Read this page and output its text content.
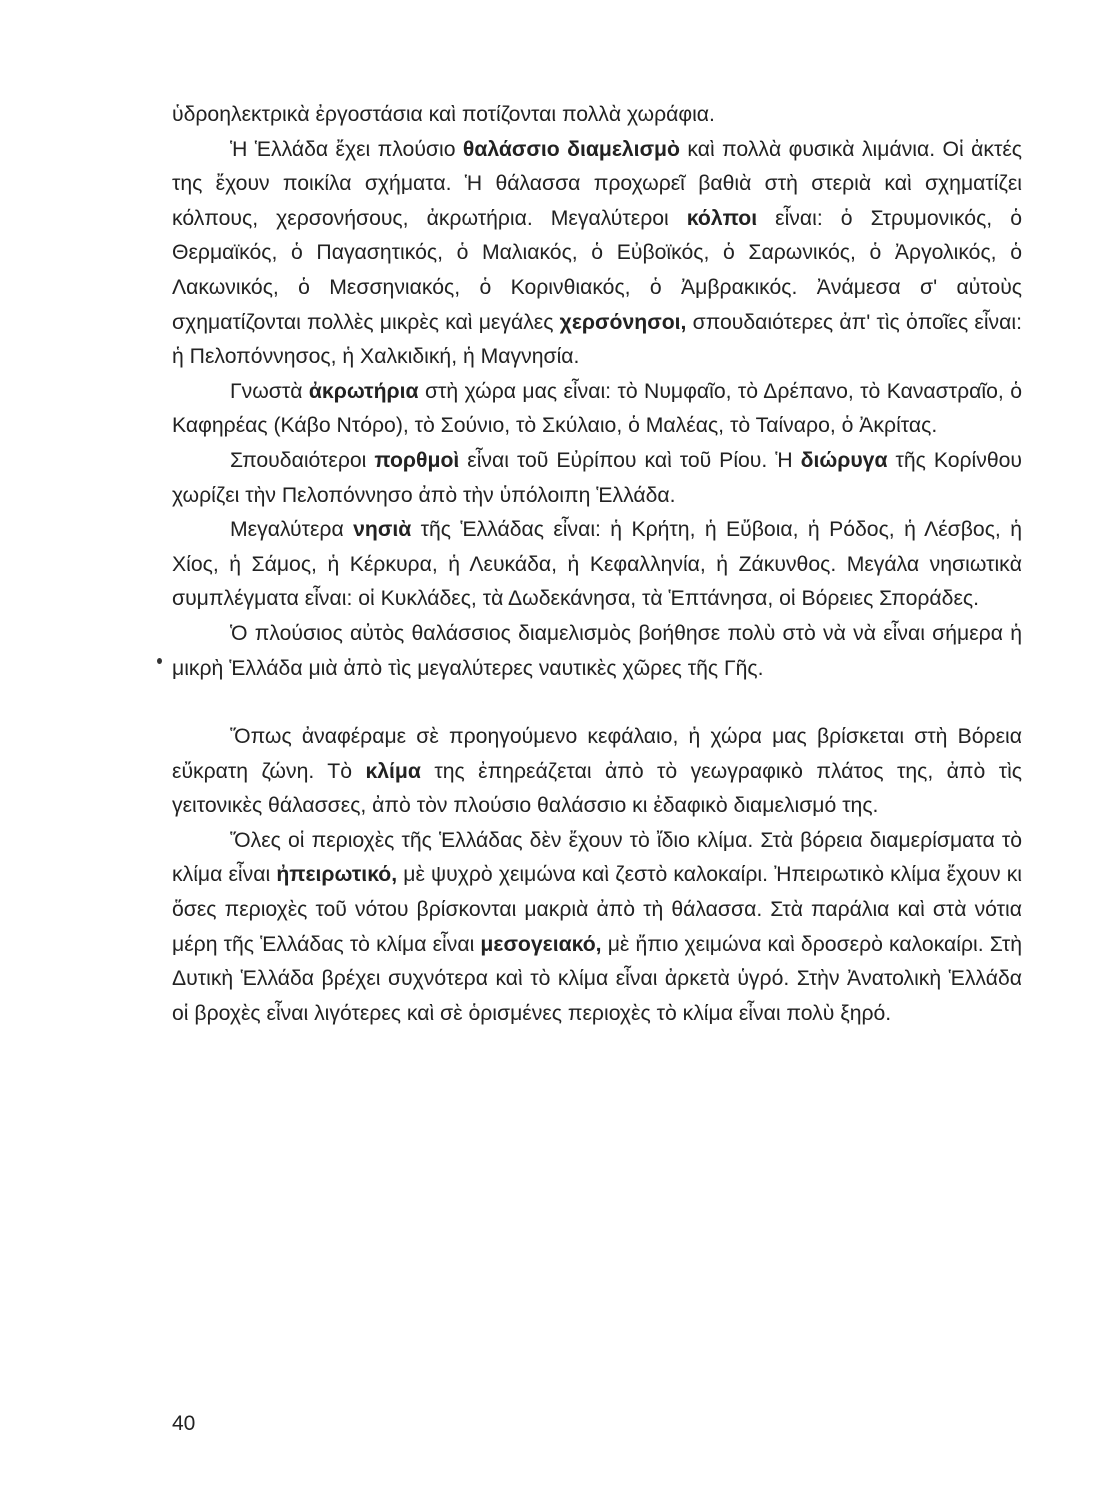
ὑδροηλεκτρικὰ ἐργοστάσια καὶ ποτίζονται πολλὰ χωράφια.

Ἡ Ἑλλάδα ἔχει πλούσιο θαλάσσιο διαμελισμὸ καὶ πολλὰ φυσικὰ λιμάνια. Οἱ ἀκτές της ἔχουν ποικίλα σχήματα. Ἡ θάλασσα προχωρεῖ βαθιὰ στὴ στεριὰ καὶ σχηματίζει κόλπους, χερσονήσους, ἀκρωτήρια. Μεγαλύτεροι κόλποι εἶναι: ὁ Στρυμονικός, ὁ Θερμαϊκός, ὁ Παγασητικός, ὁ Μαλιακός, ὁ Εὐβοϊκός, ὁ Σαρωνικός, ὁ Ἀργολικός, ὁ Λακωνικός, ὁ Μεσσηνιακός, ὁ Κορινθιακός, ὁ Ἀμβρακικός. Ἀνάμεσα σ' αὐτοὺς σχηματίζονται πολλὲς μικρὲς καὶ μεγάλες χερσόνησοι, σπουδαιότερες ἀπ' τὶς ὁποῖες εἶναι: ἡ Πελοπόννησος, ἡ Χαλκιδική, ἡ Μαγνησία.

Γνωστὰ ἀκρωτήρια στὴ χώρα μας εἶναι: τὸ Νυμφαῖο, τὸ Δρέπανο, τὸ Καναστραῖο, ὁ Καφηρέας (Κάβο Ντόρο), τὸ Σούνιο, τὸ Σκύλαιο, ὁ Μαλέας, τὸ Ταίναρο, ὁ Ἀκρίτας.

Σπουδαιότεροι πορθμοὶ εἶναι τοῦ Εὐρίπου καὶ τοῦ Ρίου. Ἡ διώρυγα τῆς Κορίνθου χωρίζει τὴν Πελοπόννησο ἀπὸ τὴν ὑπόλοιπη Ἑλλάδα.

Μεγαλύτερα νησιὰ τῆς Ἑλλάδας εἶναι: ἡ Κρήτη, ἡ Εὔβοια, ἡ Ρόδος, ἡ Λέσβος, ἡ Χίος, ἡ Σάμος, ἡ Κέρκυρα, ἡ Λευκάδα, ἡ Κεφαλληνία, ἡ Ζάκυνθος. Μεγάλα νησιωτικὰ συμπλέγματα εἶναι: οἱ Κυκλάδες, τὰ Δωδεκάνησα, τὰ Ἑπτάνησα, οἱ Βόρειες Σποράδες.

Ὁ πλούσιος αὐτὸς θαλάσσιος διαμελισμὸς βοήθησε πολὺ στὸ νὰ νὰ εἶναι σήμερα ἡ μικρὴ Ἑλλάδα μιὰ ἀπὸ τὶς μεγαλύτερες ναυτικὲς χῶρες τῆς Γῆς.

Ὅπως ἀναφέραμε σὲ προηγούμενο κεφάλαιο, ἡ χώρα μας βρίσκεται στὴ Βόρεια εὔκρατη ζώνη. Τὸ κλίμα της ἐπηρεάζεται ἀπὸ τὸ γεωγραφικὸ πλάτος της, ἀπὸ τὶς γειτονικὲς θάλασσες, ἀπὸ τὸν πλούσιο θαλάσσιο κι ἐδαφικὸ διαμελισμό της.

Ὅλες οἱ περιοχὲς τῆς Ἑλλάδας δὲν ἔχουν τὸ ἴδιο κλίμα. Στὰ βόρεια διαμερίσματα τὸ κλίμα εἶναι ἠπειρωτικό, μὲ ψυχρὸ χειμώνα καὶ ζεστὸ καλοκαίρι. Ἠπειρωτικὸ κλίμα ἔχουν κι ὅσες περιοχὲς τοῦ νότου βρίσκονται μακριὰ ἀπὸ τὴ θάλασσα. Στὰ παράλια καὶ στὰ νότια μέρη τῆς Ἑλλάδας τὸ κλίμα εἶναι μεσογειακό, μὲ ἤπιο χειμώνα καὶ δροσερὸ καλοκαίρι. Στὴ Δυτικὴ Ἑλλάδα βρέχει συχνότερα καὶ τὸ κλίμα εἶναι ἀρκετὰ ὑγρό. Στὴν Ἀνατολικὴ Ἑλλάδα οἱ βροχὲς εἶναι λιγότερες καὶ σὲ ὁρισμένες περιοχὲς τὸ κλίμα εἶναι πολὺ ξηρό.

40
